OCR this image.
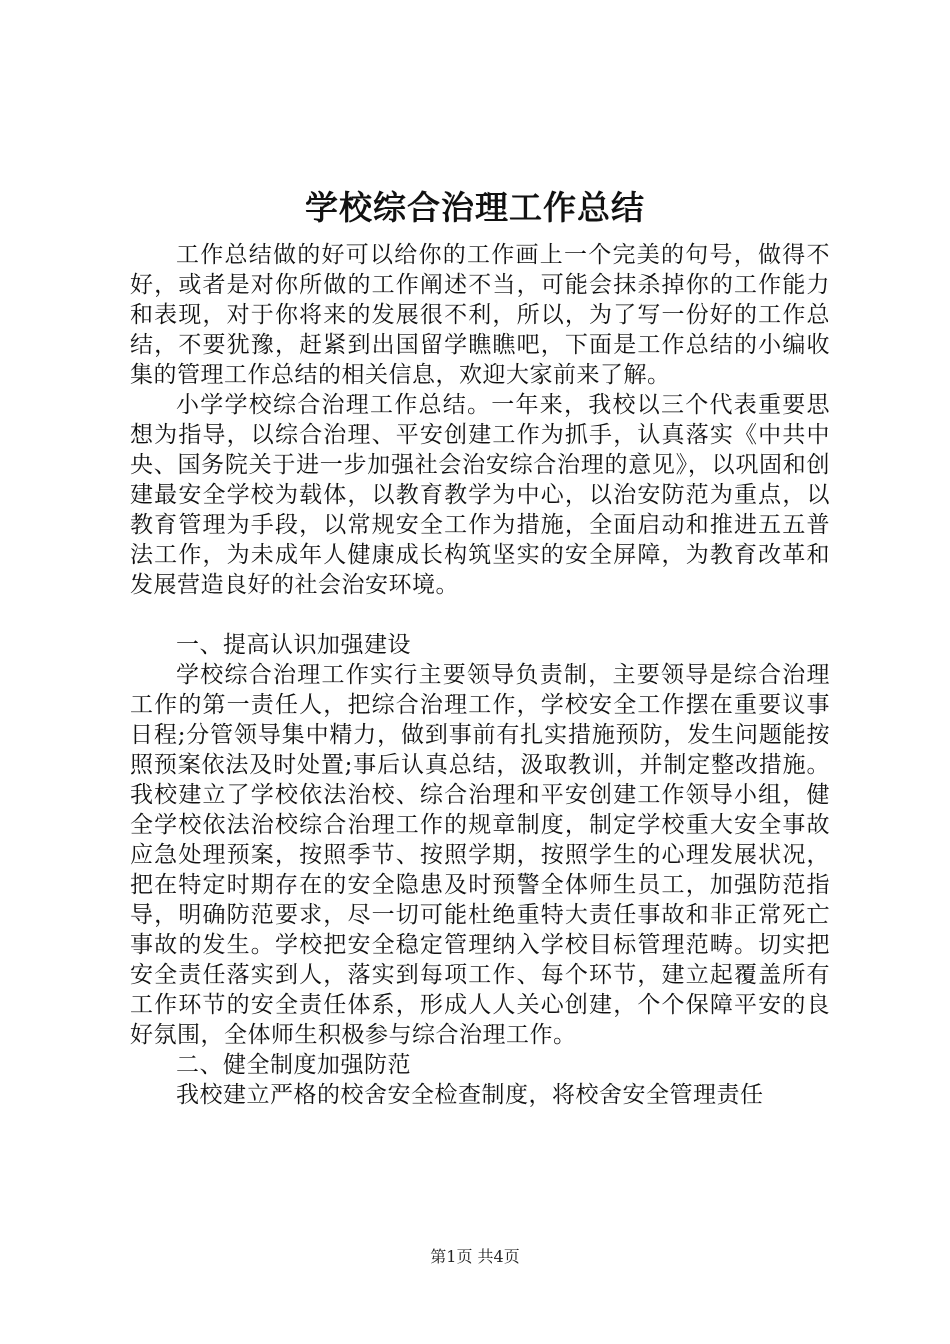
学校综合治理工作总结

工作总结做的好可以给你的工作画上一个完美的句号，做得不好，或者是对你所做的工作阐述不当，可能会抹杀掉你的工作能力和表现，对于你将来的发展很不利，所以，为了写一份好的工作总结，不要犹豫，赶紧到出国留学瞧瞧吧，下面是工作总结的小编收集的管理工作总结的相关信息，欢迎大家前来了解。

小学学校综合治理工作总结。一年来，我校以三个代表重要思想为指导，以综合治理、平安创建工作为抓手，认真落实《中共中央、国务院关于进一步加强社会治安综合治理的意见》，以巩固和创建最安全学校为载体，以教育教学为中心，以治安防范为重点，以教育管理为手段，以常规安全工作为措施，全面启动和推进五五普法工作，为未成年人健康成长构筑坚实的安全屏障，为教育改革和发展营造良好的社会治安环境。

一、提高认识加强建设

学校综合治理工作实行主要领导负责制，主要领导是综合治理工作的第一责任人，把综合治理工作，学校安全工作摆在重要议事日程;分管领导集中精力，做到事前有扎实措施预防，发生问题能按照预案依法及时处置;事后认真总结，汲取教训，并制定整改措施。我校建立了学校依法治校、综合治理和平安创建工作领导小组，健全学校依法治校综合治理工作的规章制度，制定学校重大安全事故应急处理预案，按照季节、按照学期，按照学生的心理发展状况，把在特定时期存在的安全隐患及时预警全体师生员工，加强防范指导，明确防范要求，尽一切可能杜绝重特大责任事故和非正常死亡事故的发生。学校把安全稳定管理纳入学校目标管理范畴。切实把安全责任落实到人，落实到每项工作、每个环节，建立起覆盖所有工作环节的安全责任体系，形成人人关心创建，个个保障平安的良好氛围，全体师生积极参与综合治理工作。

二、健全制度加强防范

我校建立严格的校舍安全检查制度，将校舍安全管理责任

第1页 共4页
